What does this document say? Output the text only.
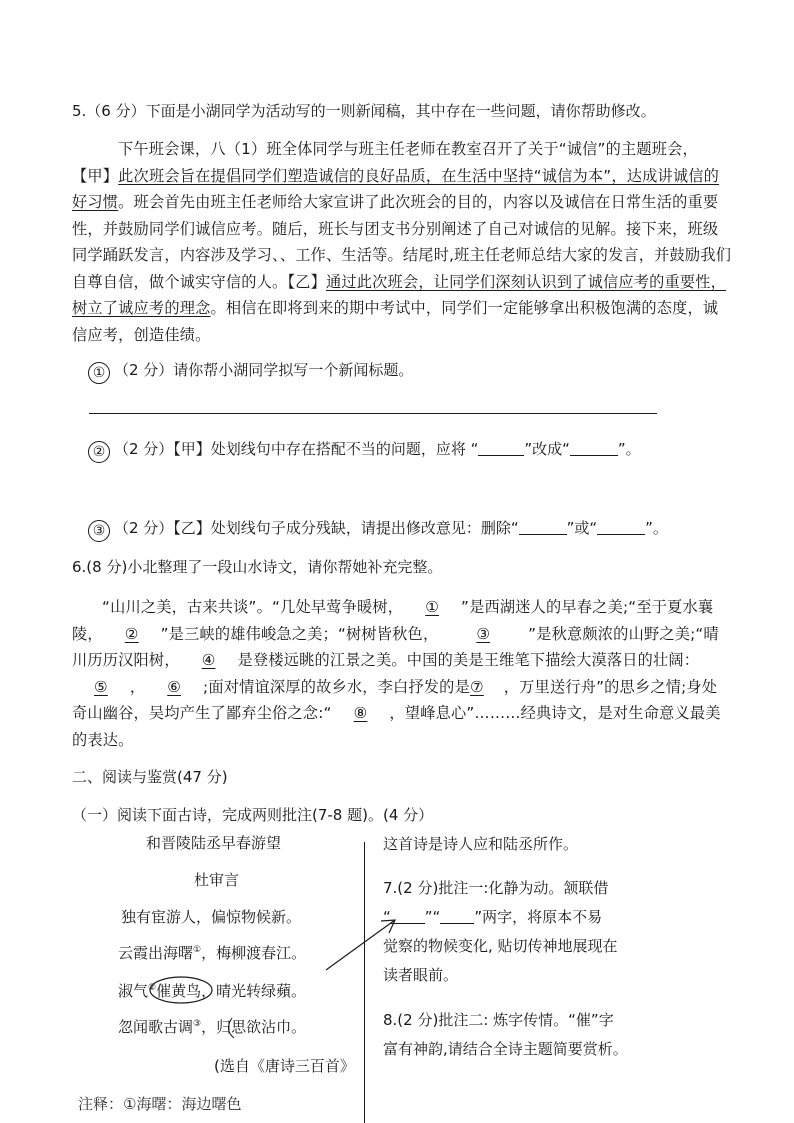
5.（6 分）下面是小湖同学为活动写的一则新闻稿，其中存在一些问题，请你帮助修改。
下午班会课，八（1）班全体同学与班主任老师在教室召开了关于“诚信”的主题班会，【甲】此次班会旨在提倡同学们塑造诚信的良好品质，在生活中坚持“诚信为本”，达成讲诚信的好习惯。班会首先由班主任老师给大家宣讲了此次班会的目的，内容以及诚信在日常生活的重要性，并鼓励同学们诚信应考。随后，班长与团支书分别阐述了自己对诚信的见解。接下来，班级同学踊跃发言，内容涉及学习、、工作、生活等。结尾时,班主任老师总结大家的发言，并鼓励我们自尊自信，做个诚实守信的人。【乙】通过此次班会，让同学们深刻认识到了诚信应考的重要性，树立了诚应考的理念。相信在即将到来的期中考试中，同学们一定能够拿出积极饱满的态度，诚信应考，创造佳绩。
① （2 分）请你帮小湖同学拟写一个新闻标题。
② （2 分）【甲】处划线句中存在搭配不当的问题，应将 “	”改成“	”。
③ （2 分）【乙】处划线句子成分残缺，请提出修改意见：删除“	”或“	”。
6.(8 分)小北整理了一段山水诗文，请你帮她补充完整。
“山川之美，古来共谈”。“几处早莺争暖树， ① ”是西湖迷人的早春之美;“至于夏水襄陵， ② ”是三峡的雄伟峻急之美；“树树皆秋色，	③	”是秋意颇浓的山野之美;“晴川历历汉阳树， ④ 是登楼远眺的江景之美。中国的美是王维笔下描绘大漠落日的壮阔：⑤ ， ⑥ ;面对情谊深厚的故乡水，李白抒发的是⑦ ，万里送行舟”的思乡之情;身处奇山幽谷，吴均产生了鄙弃尘俗之念:“ ⑧ ，望峰息心”………经典诗文，是对生命意义最美的表达。
二、阅读与鉴赏(47 分)
（一）阅读下面古诗，完成两则批注(7-8 题)。(4 分）
和晋陵陆丞早春游望
杜审言
独有宦游人，偏惊物候新。
云霞出海曙①，梅柳渡春江。
淑气②催黄鸟，晴光转绿蘋。
忽闻歌古调③，归思欲沾巾。
(选自《唐诗三百首》
注释：①海曙：海边曙色
这首诗是诗人应和陆丞所作。
7.(2 分)批注一:化静为动。颔联借
“ ”“ ”两字，将原本不易
觉察的物候变化, 贴切传神地展现在
读者眼前。
8.(2 分)批注二: 炼字传情。“催”字
富有神韵,请结合全诗主题简要赏析。
